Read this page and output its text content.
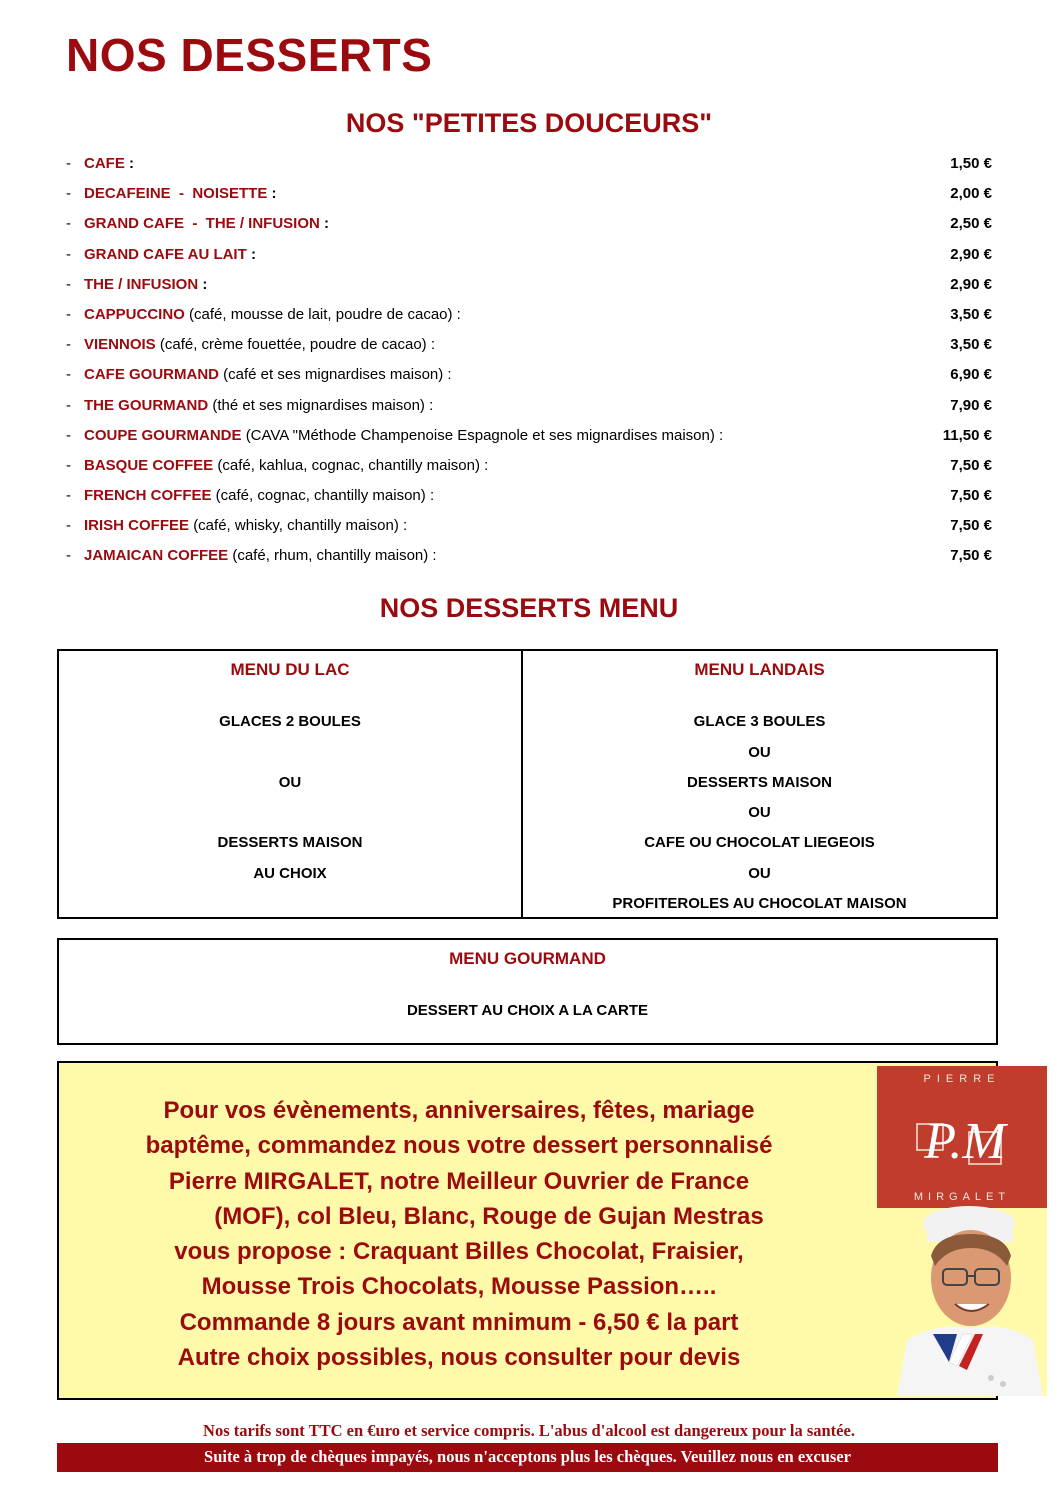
NOS DESSERTS
NOS "PETITES DOUCEURS"
- CAFE :	1,50 €
- DECAFEINE  -  NOISETTE :	2,00 €
- GRAND CAFE  -  THE / INFUSION :	2,50 €
- GRAND CAFE AU LAIT :	2,90 €
- THE / INFUSION :	2,90 €
- CAPPUCCINO (café, mousse de lait, poudre de cacao) :	3,50 €
- VIENNOIS (café, crème fouettée, poudre de cacao) :	3,50 €
- CAFE GOURMAND (café et ses mignardises maison) :	6,90 €
- THE GOURMAND (thé et ses mignardises maison) :	7,90 €
- COUPE GOURMANDE (CAVA "Méthode Champenoise Espagnole et ses mignardises maison) :	11,50 €
- BASQUE COFFEE (café, kahlua, cognac, chantilly maison) :	7,50 €
- FRENCH COFFEE (café, cognac, chantilly maison) :	7,50 €
- IRISH COFFEE (café, whisky, chantilly maison) :	7,50 €
- JAMAICAN COFFEE (café, rhum, chantilly maison) :	7,50 €
NOS DESSERTS MENU
MENU DU LAC
GLACES 2 BOULES
OU
DESSERTS MAISON
AU CHOIX
MENU LANDAIS
GLACE 3 BOULES
OU
DESSERTS MAISON
OU
CAFE OU CHOCOLAT LIEGEOIS
OU
PROFITEROLES AU CHOCOLAT MAISON
MENU GOURMAND
DESSERT AU CHOIX A LA CARTE
Pour vos évènements, anniversaires, fêtes, mariage
baptême, commandez nous votre dessert personnalisé
Pierre MIRGALET, notre Meilleur Ouvrier de France
(MOF), col Bleu, Blanc, Rouge de Gujan Mestras
vous propose : Craquant Billes Chocolat, Fraisier,
Mousse Trois Chocolats, Mousse Passion…..
Commande 8 jours avant mnimum - 6,50 € la part
Autre choix possibles, nous consulter pour devis
PIERRE
P.M
MIRGALET
Nos tarifs sont TTC en €uro et service compris. L'abus d'alcool est dangereux pour la santée.
Suite à trop de chèques impayés, nous n'acceptons plus les chèques. Veuillez nous en excuser
